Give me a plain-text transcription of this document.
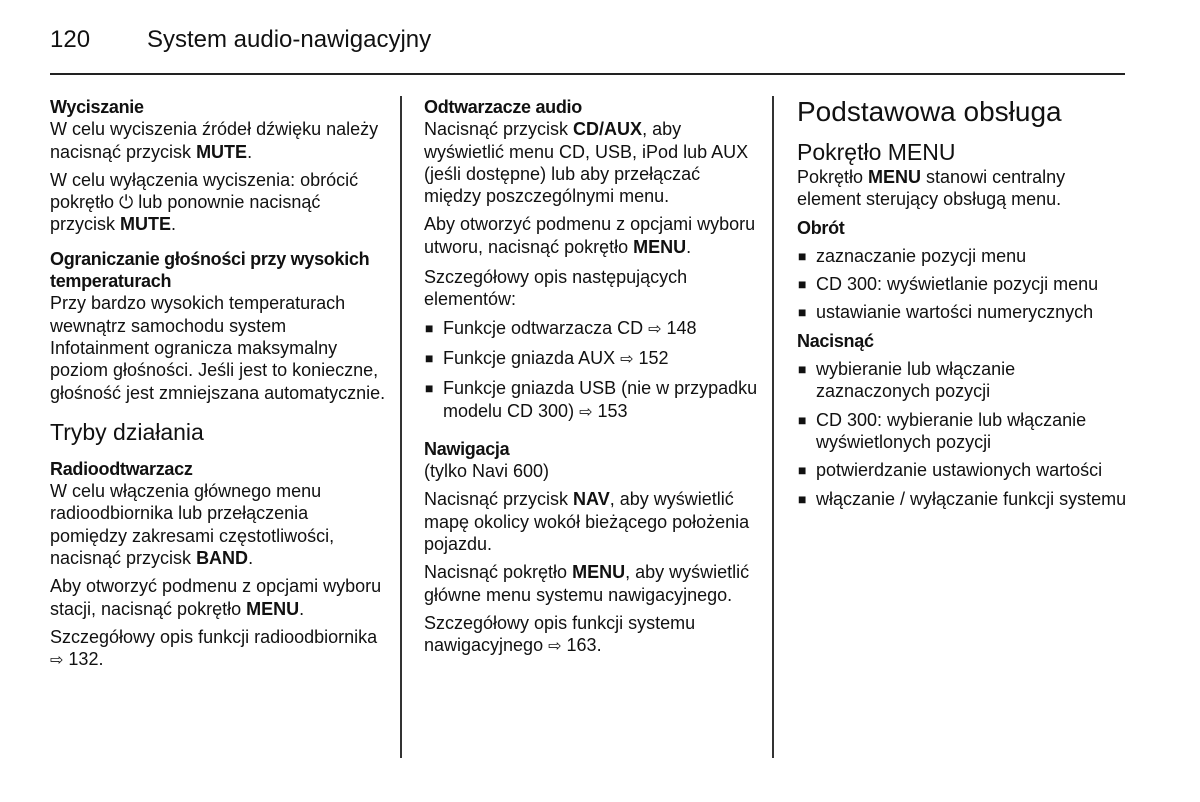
120 System audio-nawigacyjny

Wyciszanie

W celu wyciszenia źródeł dźwięku należy nacisnąć przycisk MUTE.

W celu wyłączenia wyciszenia: obrócić pokrętło ⏻ lub ponownie nacisnąć przycisk MUTE.

Ograniczanie głośności przy wysokich temperaturach

Przy bardzo wysokich temperaturach wewnątrz samochodu system Infotainment ogranicza maksymalny poziom głośności. Jeśli jest to konieczne, głośność jest zmniejszana automatycznie.

Tryby działania

Radioodtwarzacz

W celu włączenia głównego menu radioodbiornika lub przełączenia pomiędzy zakresami częstotliwości, nacisnąć przycisk BAND.

Aby otworzyć podmenu z opcjami wyboru stacji, nacisnąć pokrętło MENU.

Szczegółowy opis funkcji radioodbiornika ⇨ 132.

Odtwarzacze audio

Nacisnąć przycisk CD/AUX, aby wyświetlić menu CD, USB, iPod lub AUX (jeśli dostępne) lub aby przełączać między poszczególnymi menu.

Aby otworzyć podmenu z opcjami wyboru utworu, nacisnąć pokrętło MENU.

Szczegółowy opis następujących elementów:

■ Funkcje odtwarzacza CD ⇨ 148
■ Funkcje gniazda AUX ⇨ 152
■ Funkcje gniazda USB (nie w przypadku modelu CD 300) ⇨ 153

Nawigacja

(tylko Navi 600)

Nacisnąć przycisk NAV, aby wyświetlić mapę okolicy wokół bieżącego położenia pojazdu.

Nacisnąć pokrętło MENU, aby wyświetlić główne menu systemu nawigacyjnego.

Szczegółowy opis funkcji systemu nawigacyjnego ⇨ 163.

Podstawowa obsługa

Pokrętło MENU

Pokrętło MENU stanowi centralny element sterujący obsługą menu.

Obrót

■ zaznaczanie pozycji menu
■ CD 300: wyświetlanie pozycji menu
■ ustawianie wartości numerycznych

Nacisnąć

■ wybieranie lub włączanie zaznaczonych pozycji
■ CD 300: wybieranie lub włączanie wyświetlonych pozycji
■ potwierdzanie ustawionych wartości
■ włączanie / wyłączanie funkcji systemu
